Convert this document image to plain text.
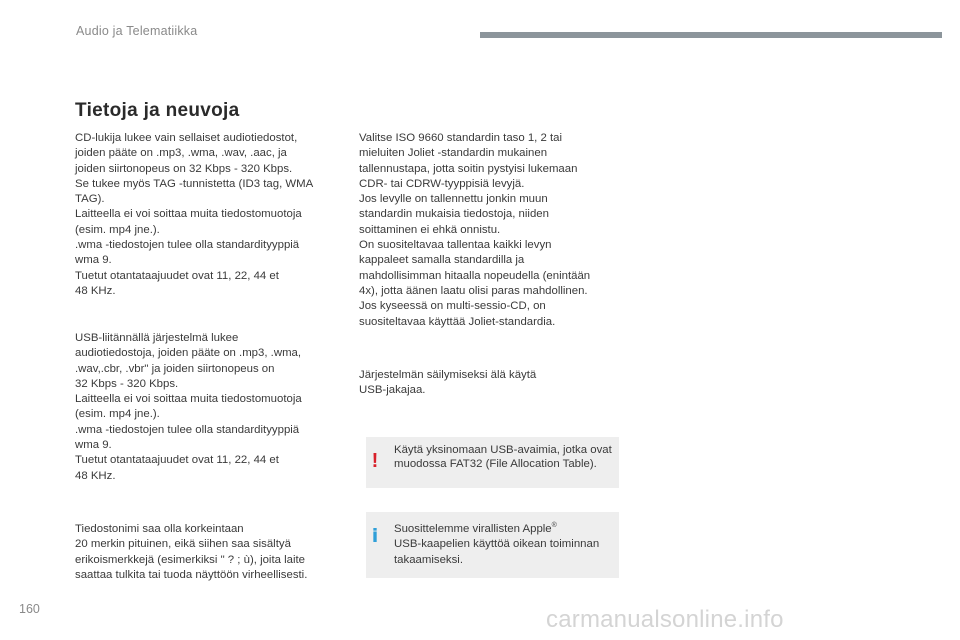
Audio ja Telematiikka
Tietoja ja neuvoja

CD-lukija lukee vain sellaiset audiotiedostot,
joiden pääte on .mp3, .wma, .wav, .aac, ja
joiden siirtonopeus on 32 Kbps - 320 Kbps.
Se tukee myös TAG -tunnistetta (ID3 tag, WMA
TAG).
Laitteella ei voi soittaa muita tiedostomuotoja
(esim. mp4 jne.).
.wma -tiedostojen tulee olla standardityyppiä
wma 9.
Tuetut otantataajuudet ovat 11, 22, 44 et
48 KHz.

USB-liitännällä järjestelmä lukee
audiotiedostoja, joiden pääte on .mp3, .wma,
.wav,.cbr, .vbr" ja joiden siirtonopeus on
32 Kbps - 320 Kbps.
Laitteella ei voi soittaa muita tiedostomuotoja
(esim. mp4 jne.).
.wma -tiedostojen tulee olla standardityyppiä
wma 9.
Tuetut otantataajuudet ovat 11, 22, 44 et
48 KHz.

Tiedostonimi saa olla korkeintaan
20 merkin pituinen, eikä siihen saa sisältyä
erikoismerkkejä (esimerkiksi " ? ; ù), joita laite
saattaa tulkita tai tuoda näyttöön virheellisesti.

Valitse ISO 9660 standardin taso 1, 2 tai
mieluiten Joliet -standardin mukainen
tallennustapa, jotta soitin pystyisi lukemaan
CDR- tai CDRW-tyyppisiä levyjä.
Jos levylle on tallennettu jonkin muun
standardin mukaisia tiedostoja, niiden
soittaminen ei ehkä onnistu.
On suositeltavaa tallentaa kaikki levyn
kappaleet samalla standardilla ja
mahdollisimman hitaalla nopeudella (enintään
4x), jotta äänen laatu olisi paras mahdollinen.
Jos kyseessä on multi-sessio-CD, on
suositeltavaa käyttää Joliet-standardia.

Järjestelmän säilymiseksi älä käytä
USB-jakajaa.

! Käytä yksinomaan USB-avaimia, jotka ovat muodossa FAT32 (File Allocation Table).

i Suosittelemme virallisten Apple®
USB-kaapelien käyttöä oikean toiminnan takaamiseksi.

160	carmanualsonline.info
